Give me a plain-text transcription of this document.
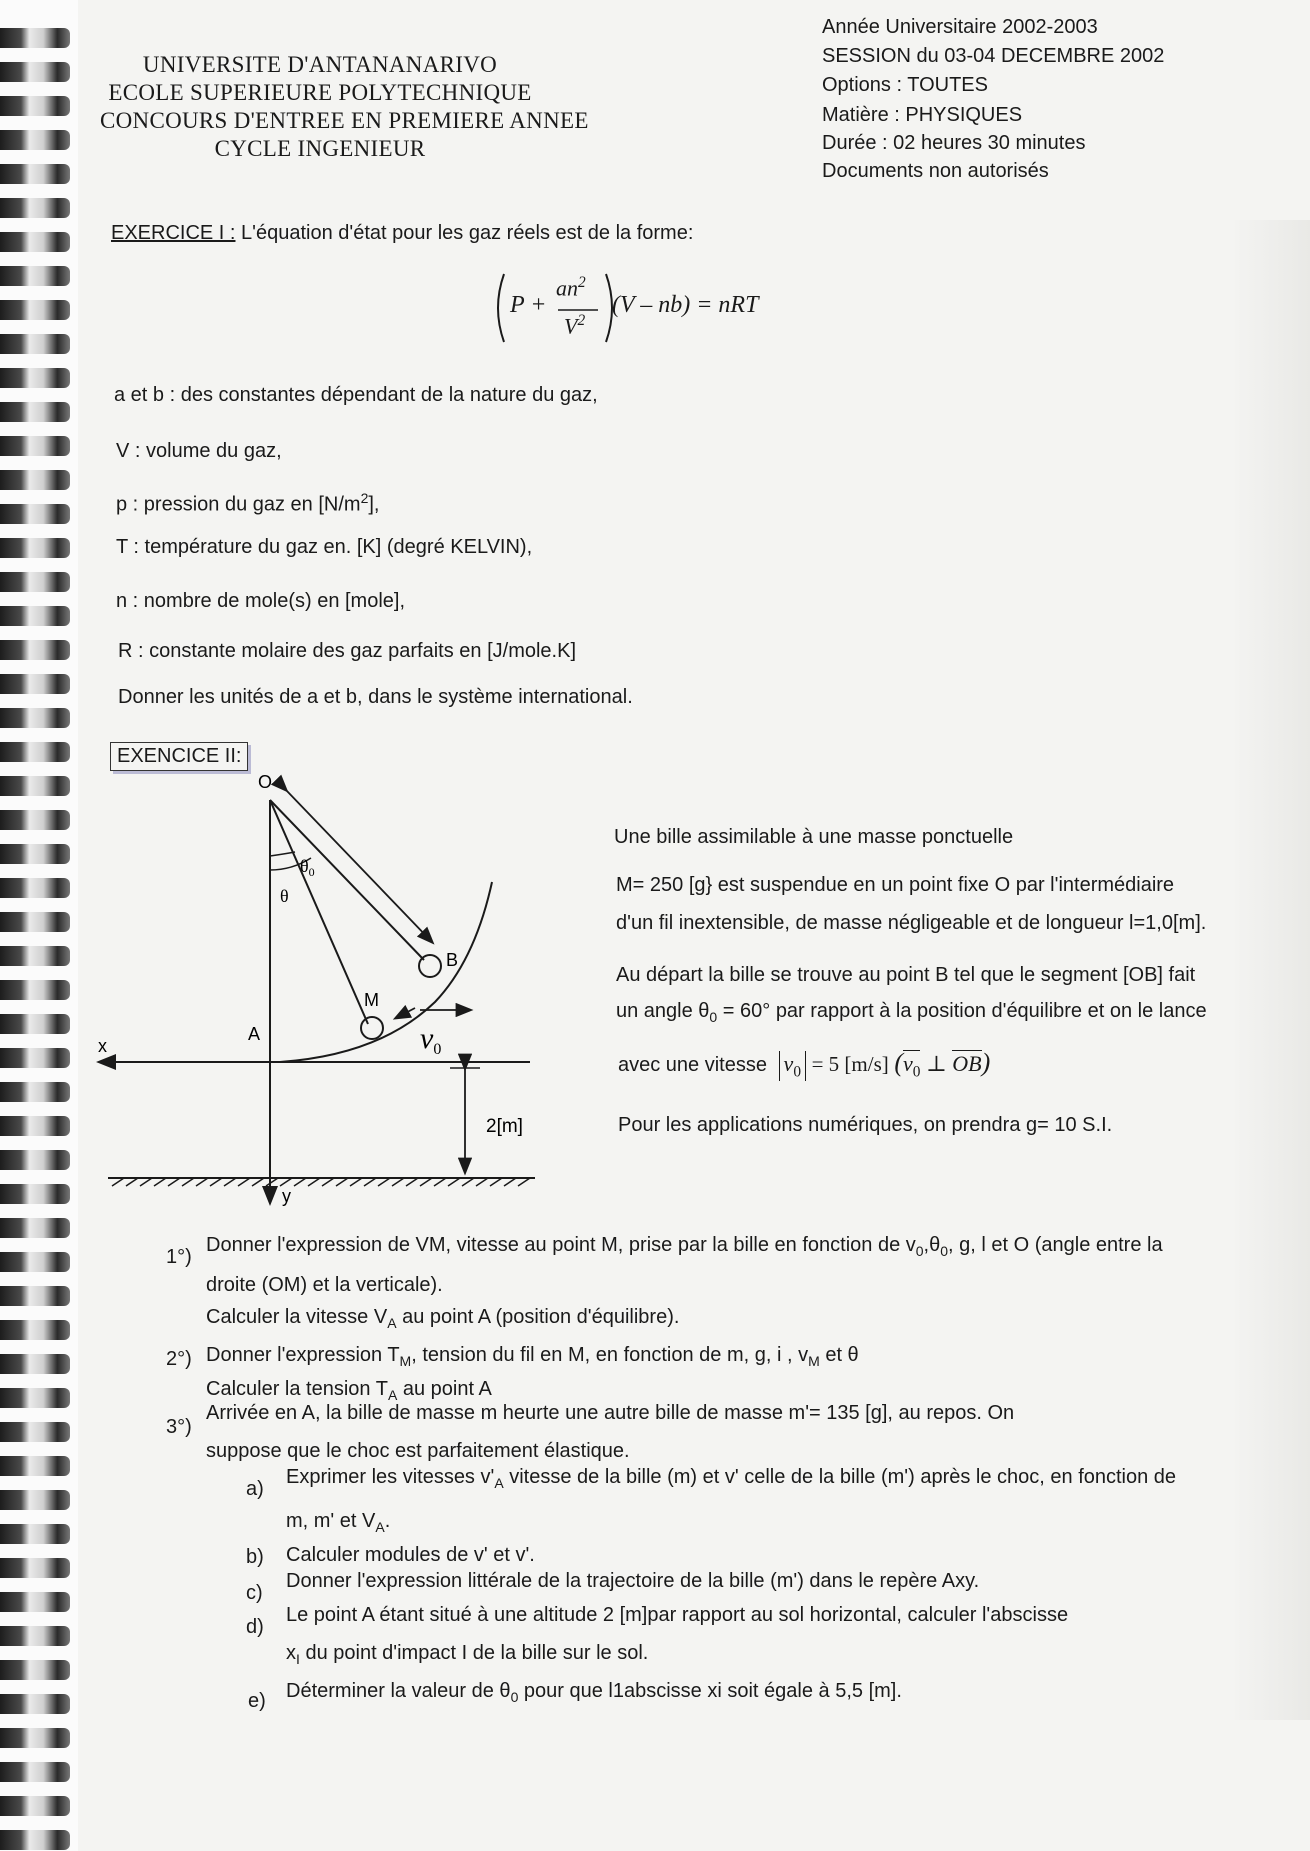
UNIVERSITE D'ANTANANARIVO
ECOLE SUPERIEURE POLYTECHNIQUE
CONCOURS D'ENTREE EN PREMIERE ANNEE
CYCLE INGENIEUR
Année Universitaire 2002-2003
SESSION du 03-04 DECEMBRE 2002
Options : TOUTES
Matière : PHYSIQUES
Durée : 02 heures 30 minutes
Documents non autorisés
EXERCICE I : L'équation d'état pour les gaz réels est de la forme:
P +
$an^2$
$V^2$
(V – nb) = nRT
a et b : des constantes dépendant de la nature du gaz,
V : volume du gaz,
p : pression du gaz en $[N/m^2]$,
T : température du gaz en. [K] (degré KELVIN),
n : nombre de mole(s) en [mole],
R : constante molaire des gaz parfaits en [J/mole.K]
Donner les unités de a et b, dans le système international.
EXENCICE II:
O
A
B
M
x
y
θ
$\theta_0$
$v_0$
2[m]
Une bille assimilable à une masse ponctuelle
M= 250 [g} est suspendue en un point fixe O par l'intermédiaire
d'un fil inextensible, de masse négligeable et de longueur l=1,0[m].
Au départ la bille se trouve au point B tel que le segment [OB] fait
un angle $\theta_0 = 60^\circ$ par rapport à la position d'équilibre et on le lance
avec une vitesse $v_0 = 5$ [m/s] ($v_0$ ⊥ OB)
Pour les applications numériques, on prendra g= 10 S.I.
1°)
Donner l'expression de VM, vitesse au point M, prise par la bille en fonction de $v_0,\theta_0$, g, l et O (angle entre la
droite (OM) et la verticale).
Calculer la vitesse $V_A$ au point A (position d'équilibre).
2°) Donner l'expression $T_M$, tension du fil en M, en fonction de m, g, i , $v_M$ et θ
Calculer la tension $T_A$ au point A
3°)
Arrivée en A, la bille de masse m heurte une autre bille de masse m'= 135 [g], au repos. On
suppose que le choc est parfaitement élastique.
a)
Exprimer les vitesses $v'_A$ vitesse de la bille (m) et v' celle de la bille (m') après le choc, en fonction de
m, m' et $V_A$.
b) Calculer modules de v' et v'.
c)
Donner l'expression littérale de la trajectoire de la bille (m') dans le repère Axy.
d)
Le point A étant situé à une altitude 2 [m]par rapport au sol horizontal, calculer l'abscisse
$x_I$ du point d'impact I de la bille sur le sol.
e) Déterminer la valeur de $\theta_0$ pour que l1abscisse xi soit égale à 5,5 [m].
